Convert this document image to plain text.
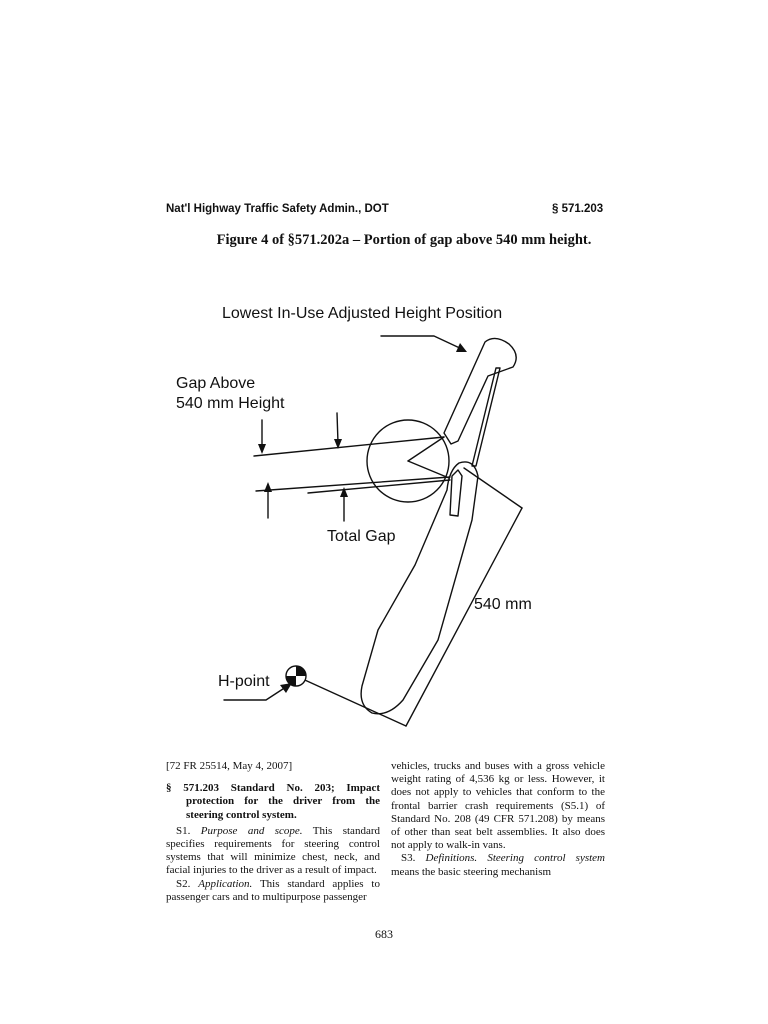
Nat'l Highway Traffic Safety Admin., DOT	§ 571.203
Figure 4 of §571.202a – Portion of gap above 540 mm height.
Lowest In-Use Adjusted Height Position
Gap Above
540 mm Height
Total Gap
540 mm
H-point

[72 FR 25514, May 4, 2007]

§ 571.203 Standard No. 203; Impact protection for the driver from the steering control system.

S1. Purpose and scope. This standard specifies requirements for steering control systems that will minimize chest, neck, and facial injuries to the driver as a result of impact.

S2. Application. This standard applies to passenger cars and to multipurpose passenger

vehicles, trucks and buses with a gross vehicle weight rating of 4,536 kg or less. However, it does not apply to vehicles that conform to the frontal barrier crash requirements (S5.1) of Standard No. 208 (49 CFR 571.208) by means of other than seat belt assemblies. It also does not apply to walk-in vans.

S3. Definitions. Steering control system means the basic steering mechanism

683
